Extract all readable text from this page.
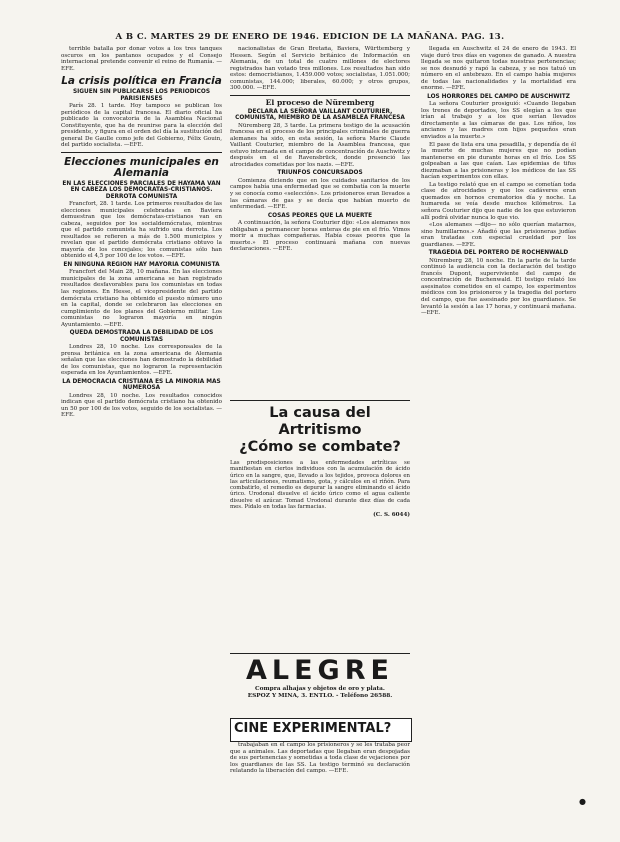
A B C. MARTES 29 DE ENERO DE 1946. EDICION DE LA MAÑANA. PAG. 13.

terrible batalla por donar votos a los tres tanques oscuros en los pantanos ocupados y el Consejo internacional pretende convenir el reino de Rumanía. —EFE.

La crisis política en Francia
SIGUEN SIN PUBLICARSE LOS PERIODICOS PARISIENSES

París 28. 1 tarde. Hoy tampoco se publican los periódicos de la capital francesa. El diario oficial ha publicado la convocatoria de la Asamblea Nacional Constituyente, que ha de reunirse para la elección del presidente, y figura en el orden del día la sustitución del general De Gaulle como jefe del Gobierno, Félix Gouin, del partido socialista. —EFE.

Elecciones municipales en Alemania
EN LAS ELECCIONES PARCIALES DE HAYAMA VAN EN CABEZA LOS DEMOCRATAS-CRISTIANOS. DERROTA COMUNISTA

Francfort, 28. 1 tarde. Los primeros resultados de las elecciones municipales celebradas en Baviera demuestran que los demócratas-cristianos van en cabeza, seguidos por los socialdemócratas, mientras que el partido comunista ha sufrido una derrota. Los resultados se refieren a más de 1.500 municipios y revelan que el partido demócrata cristiano obtuvo la mayoría de los concejales; los comunistas sólo han obtenido el 4,5 por 100 de los votos. —EFE.

EN NINGUNA REGION HAY MAYORIA COMUNISTA

Francfort del Main 28, 10 mañana. En las elecciones municipales de la zona americana se han registrado resultados desfavorables para los comunistas en todas las regiones. En Hesse, el vicepresidente del partido demócrata cristiano ha obtenido el puesto número uno en la capital, donde se celebraron las elecciones en cumplimiento de los planes del Gobierno militar. Los comunistas no lograron mayoría en ningún Ayuntamiento. —EFE.

QUEDA DEMOSTRADA LA DEBILIDAD DE LOS COMUNISTAS

Londres 28, 10 noche. Los corresponsales de la prensa británica en la zona americana de Alemania señalan que las elecciones han demostrado la debilidad de los comunistas, que no lograron la representación esperada en los Ayuntamientos. —EFE.

LA DEMOCRACIA CRISTIANA ES LA MINORIA MAS NUMEROSA

Londres 28, 10 noche. Los resultados conocidos indican que el partido demócrata cristiano ha obtenido un 50 por 100 de los votos, seguido de los socialistas. —EFE.

nacionalistas de Gran Bretaña, Baviera, Württemberg y Hessen. Según el Servicio británico de Información en Alemania, de un total de cuatro millones de electores registrados han votado tres millones. Los resultados han sido estos: democristianos, 1.459.000 votos; socialistas, 1.051.000; comunistas, 144.000; liberales, 60.000; y otros grupos, 300.000. —EFE.

El proceso de Nüremberg
DECLARA LA SEÑORA VAILLANT COUTURIER, COMUNISTA, MIEMBRO DE LA ASAMBLEA FRANCESA

Nüremberg 28, 3 tarde. La primera testigo de la acusación francesa en el proceso de los principales criminales de guerra alemanes ha sido, en esta sesión, la señora Marie Claude Vaillant Couturier, miembro de la Asamblea francesa, que estuvo internada en el campo de concentración de Auschwitz y después en el de Ravensbrück, donde presenció las atrocidades cometidas por los nazis. —EFE.

TRIUNFOS CONCURSADOS

Comienza diciendo que en los cuidados sanitarios de los campos había una enfermedad que se combatía con la muerte y se conocía como «selección». Los prisioneros eran llevados a las cámaras de gas y se decía que habían muerto de enfermedad. —EFE.

COSAS PEORES QUE LA MUERTE

A continuación, la señora Couturier dijo: «Los alemanes nos obligaban a permanecer horas enteras de pie en el frío. Vimos morir a muchas compañeras. Había cosas peores que la muerte.» El proceso continuará mañana con nuevas declaraciones. —EFE.

La causa del Artritismo
¿Cómo se combate?
Las predisposiciones a las enfermedades artríticas se manifiestan en ciertos individuos con la acumulación de ácido úrico en la sangre, que, llevado a los tejidos, provoca dolores en las articulaciones, reumatismo, gota, y cálculos en el riñón. Para combatirlo, el remedio es depurar la sangre eliminando el ácido úrico. Urodonal disuelve el ácido úrico como el agua caliente disuelve el azúcar. Tomad Urodonal durante diez días de cada mes. Pídalo en todas las farmacias.
(C. S. 6044)
ALEGRE
Compra alhajas y objetos de oro y plata.
ESPOZ Y MINA, 3. ENTLO. - Teléfono 26588.
CINE EXPERIMENTAL?

trabajaban en el campo los prisioneros y se les trataba peor que a animales. Las deportadas que llegaban eran despojadas de sus pertenencias y sometidas a toda clase de vejaciones por los guardianes de las SS. La testigo terminó su declaración relatando la liberación del campo. —EFE.

llegada en Auschwitz el 24 de enero de 1943. El viaje duró tres días en vagones de ganado. A nuestra llegada se nos quitaron todas nuestras pertenencias; se nos desnudó y rapó la cabeza, y se nos tatuó un número en el antebrazo. En el campo había mujeres de todas las nacionalidades y la mortalidad era enorme. —EFE.

LOS HORRORES DEL CAMPO DE AUSCHWITZ

La señora Couturier prosiguió: «Cuando llegaban los trenes de deportados, los SS elegían a los que irían al trabajo y a los que serían llevados directamente a las cámaras de gas. Los niños, los ancianos y las madres con hijos pequeños eran enviados a la muerte.»

El pase de lista era una pesadilla, y dependía de él la muerte de muchas mujeres que no podían mantenerse en pie durante horas en el frío. Los SS golpeaban a las que caían. Las epidemias de tifus diezmaban a las prisioneras y los médicos de las SS hacían experimentos con ellas.

La testigo relató que en el campo se cometían toda clase de atrocidades y que los cadáveres eran quemados en hornos crematorios día y noche. La humareda se veía desde muchos kilómetros. La señora Couturier dijo que nadie de los que estuvieron allí podrá olvidar nunca lo que vio.

«Los alemanes —dijo— no sólo querían matarnos, sino humillarnos.» Añadió que las prisioneras judías eran tratadas con especial crueldad por los guardianes. —EFE.

TRAGEDIA DEL PORTERO DE ROCHENWALD

Nüremberg 28, 10 noche. En la parte de la tarde continuó la audiencia con la declaración del testigo francés Dupont, superviviente del campo de concentración de Buchenwald. El testigo relató los asesinatos cometidos en el campo, los experimentos médicos con los prisioneros y la tragedia del portero del campo, que fue asesinado por los guardianes. Se levantó la sesión a las 17 horas, y continuará mañana. —EFE.

●
